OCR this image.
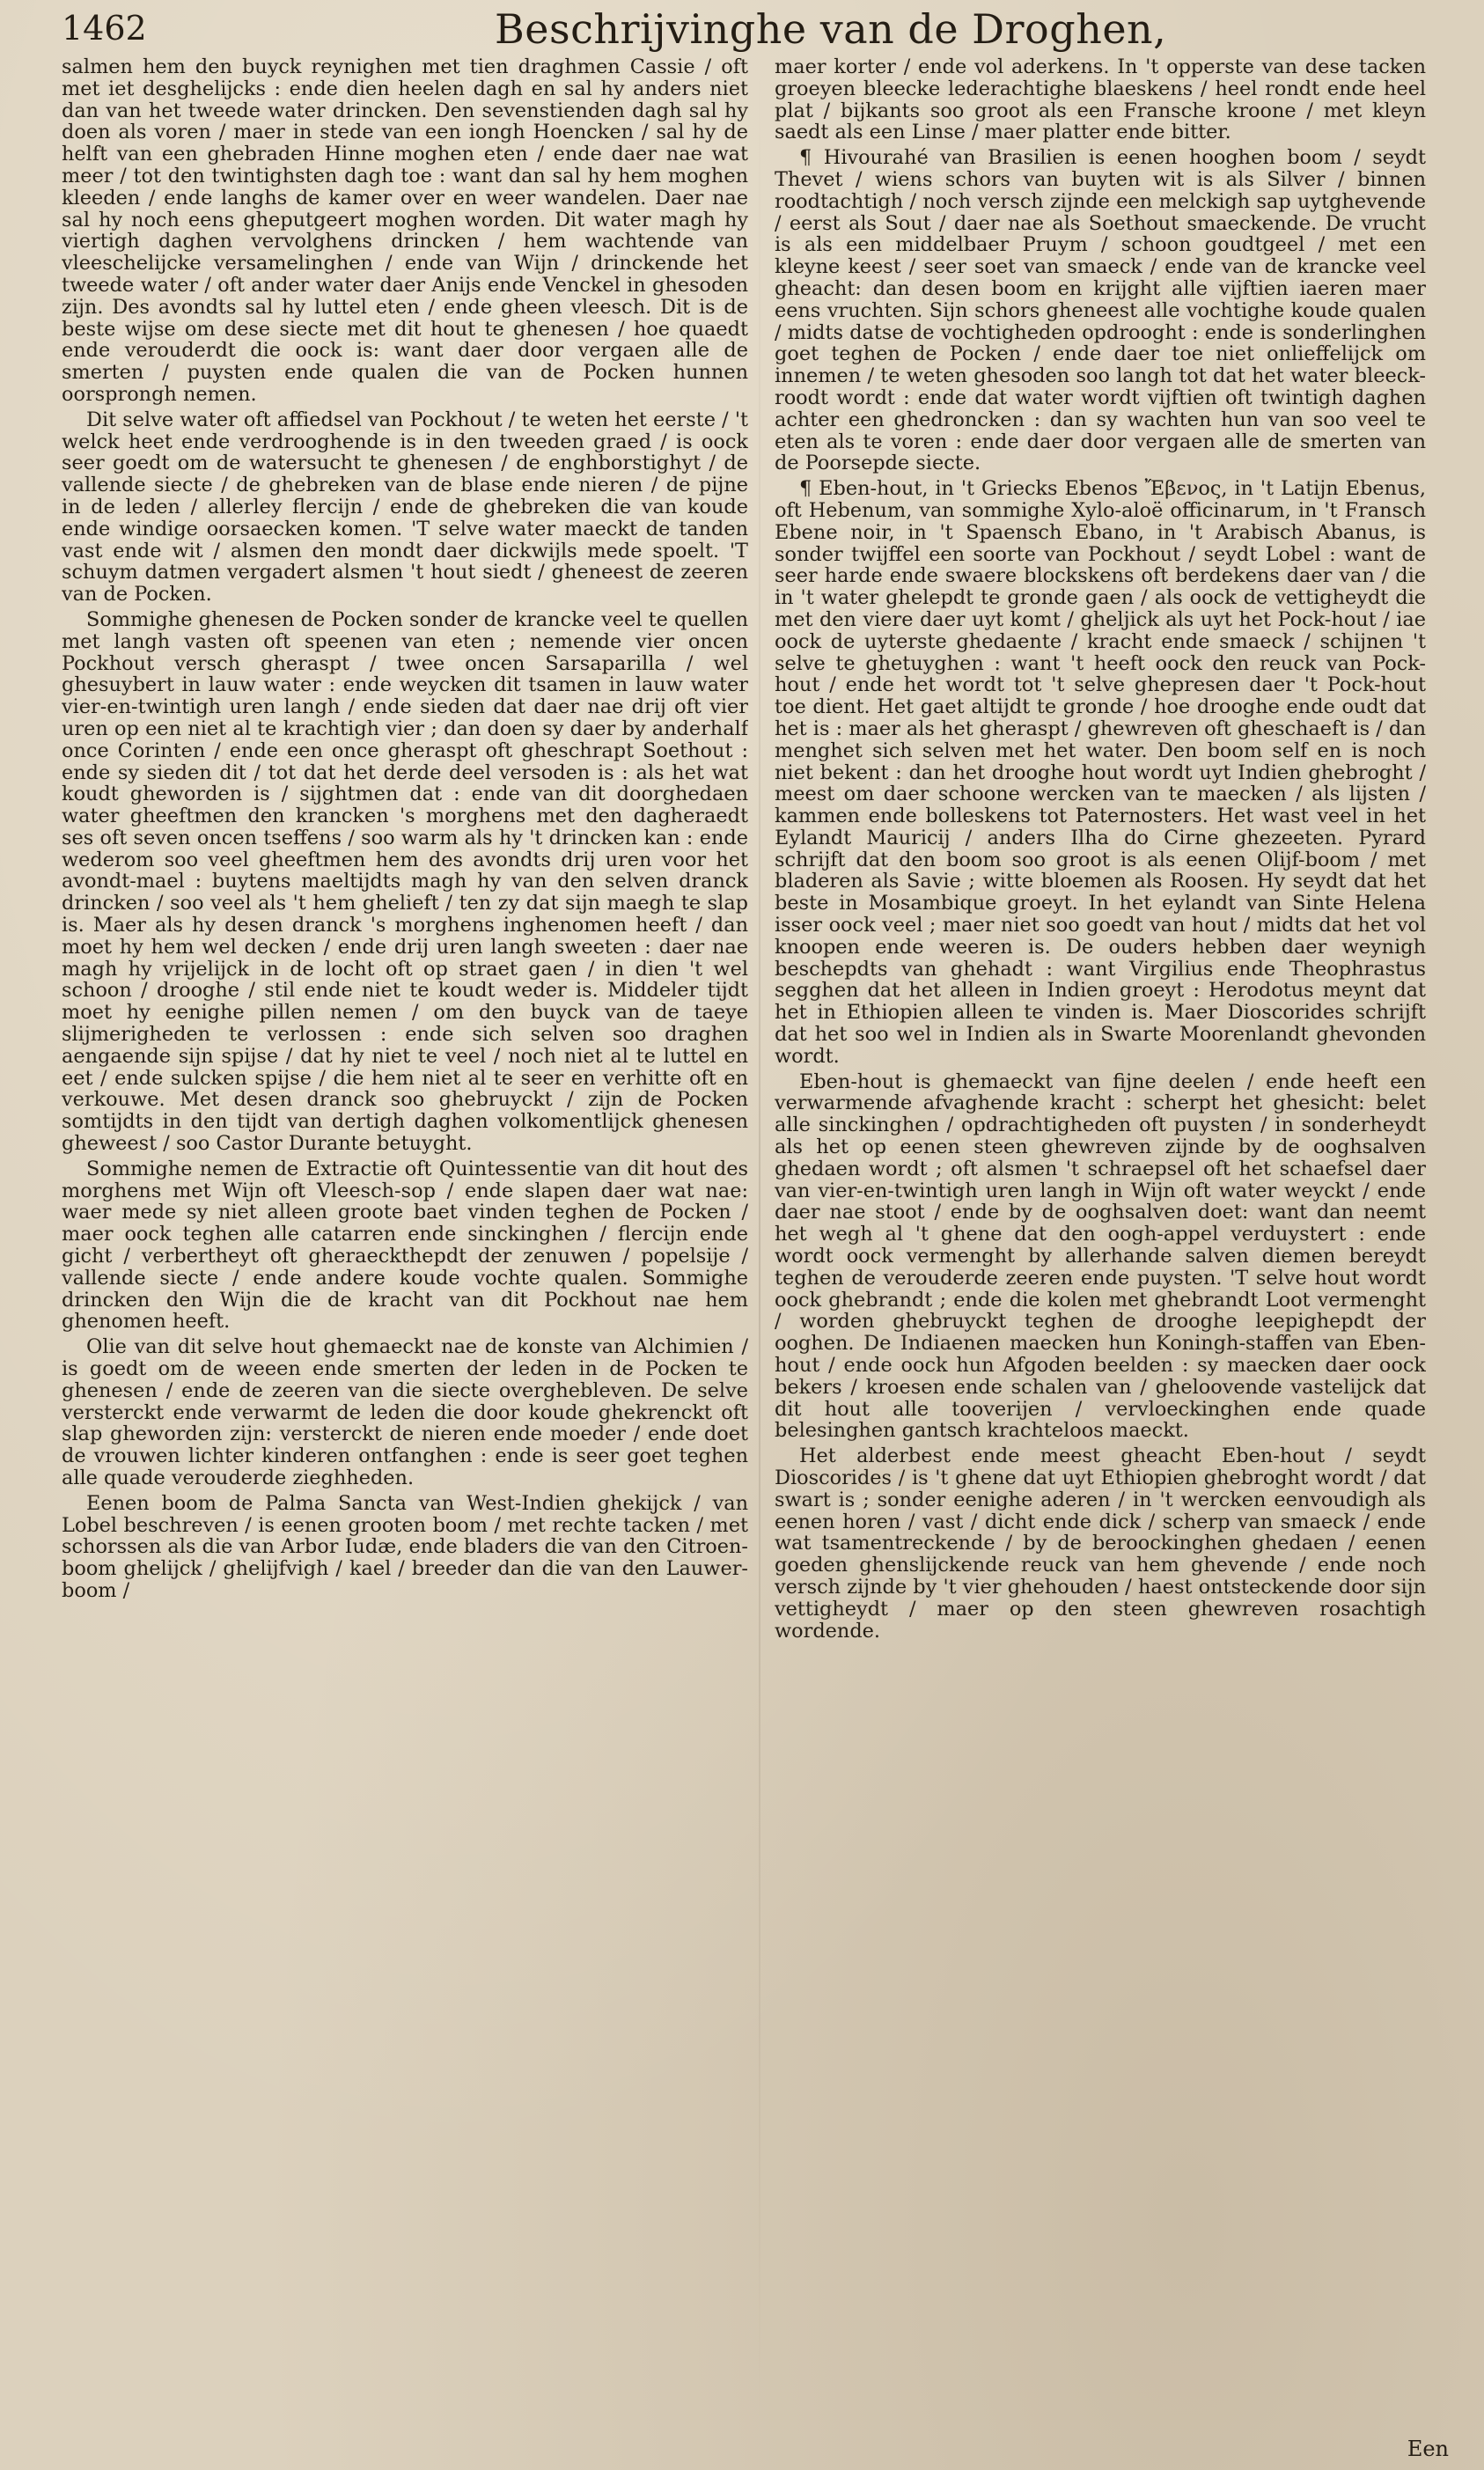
1462	Beschrijvinghe van de Droghen,

salmen hem den buyck reynighen met tien draghmen Cassie / oft met iet desghelijcks : ende dien heelen dagh en sal hy anders niet dan van het tweede water drincken. Den sevenstienden dagh sal hy doen als voren / maer in stede van een iongh Hoencken / sal hy de helft van een ghebraden Hinne moghen eten / ende daer nae wat meer / tot den twintighsten dagh toe : want dan sal hy hem moghen kleeden / ende langhs de kamer over en weer wandelen. Daer nae sal hy noch eens gheputgeert moghen worden. Dit water magh hy viertigh daghen vervolghens drincken / hem wachtende van vleeschelijcke versamelinghen / ende van Wijn / drinckende het tweede water / oft ander water daer Anijs ende Venckel in ghesoden zijn. Des avondts sal hy luttel eten / ende gheen vleesch. Dit is de beste wijse om dese siecte met dit hout te ghenesen / hoe quaedt ende verouderdt die oock is: want daer door vergaen alle de smerten / puysten ende qualen die van de Pocken hunnen oorsprongh nemen.

Dit selve water oft affiedsel van Pockhout / te weten het eerste / 't welck heet ende verdrooghende is in den tweeden graed / is oock seer goedt om de watersucht te ghenesen / de enghborstighyt / de vallende siecte / de ghebreken van de blase ende nieren / de pijne in de leden / allerley flercijn / ende de ghebreken die van koude ende windige oorsaecken komen. 'T selve water maeckt de tanden vast ende wit / alsmen den mondt daer dickwijls mede spoelt. 'T schuym datmen vergadert alsmen 't hout siedt / gheneest de zeeren van de Pocken.

Sommighe ghenesen de Pocken sonder de krancke veel te quellen met langh vasten oft speenen van eten ; nemende vier oncen Pockhout versch gheraspt / twee oncen Sarsaparilla / wel ghesuybert in lauw water : ende weycken dit tsamen in lauw water vier-en-twintigh uren langh / ende sieden dat daer nae drij oft vier uren op een niet al te krachtigh vier ; dan doen sy daer by anderhalf once Corinten / ende een once gheraspt oft gheschrapt Soethout : ende sy sieden dit / tot dat het derde deel versoden is : als het wat koudt gheworden is / sijghtmen dat : ende van dit doorghedaen water gheeftmen den krancken 's morghens met den dagheraedt ses oft seven oncen tseffens / soo warm als hy 't drincken kan : ende wederom soo veel gheeftmen hem des avondts drij uren voor het avondt-mael : buytens maeltijdts magh hy van den selven dranck drincken / soo veel als 't hem ghelieft / ten zy dat sijn maegh te slap is. Maer als hy desen dranck 's morghens inghenomen heeft / dan moet hy hem wel decken / ende drij uren langh sweeten : daer nae magh hy vrijelijck in de locht oft op straet gaen / in dien 't wel schoon / drooghe / stil ende niet te koudt weder is. Middeler tijdt moet hy eenighe pillen nemen / om den buyck van de taeye slijmerigheden te verlossen : ende sich selven soo draghen aengaende sijn spijse / dat hy niet te veel / noch niet al te luttel en eet / ende sulcken spijse / die hem niet al te seer en verhitte oft en verkouwe. Met desen dranck soo ghebruyckt / zijn de Pocken somtijdts in den tijdt van dertigh daghen volkomentlijck ghenesen gheweest / soo Castor Durante betuyght.

Sommighe nemen de Extractie oft Quintessentie van dit hout des morghens met Wijn oft Vleesch-sop / ende slapen daer wat nae: waer mede sy niet alleen groote baet vinden teghen de Pocken / maer oock teghen alle catarren ende sinckinghen / flercijn ende gicht / verbertheyt oft gheraeckthepdt der zenuwen / popelsije / vallende siecte / ende andere koude vochte qualen. Sommighe drincken den Wijn die de kracht van dit Pockhout nae hem ghenomen heeft.

Olie van dit selve hout ghemaeckt nae de konste van Alchimien / is goedt om de weeen ende smerten der leden in de Pocken te ghenesen / ende de zeeren van die siecte overghebleven. De selve versterckt ende verwarmt de leden die door koude ghekrenckt oft slap gheworden zijn: versterckt de nieren ende moeder / ende doet de vrouwen lichter kinderen ontfanghen : ende is seer goet teghen alle quade verouderde zieghheden.

Eenen boom de Palma Sancta van West-Indien ghekijck / van Lobel beschreven / is eenen grooten boom / met rechte tacken / met schorssen als die van Arbor Iudæ, ende bladers die van den Citroen-boom ghelijck / ghelijfvigh / kael / breeder dan die van den Lauwer-boom /

maer korter / ende vol aderkens. In 't opperste van dese tacken groeyen bleecke lederachtighe blaeskens / heel rondt ende heel plat / bijkants soo groot als een Fransche kroone / met kleyn saedt als een Linse / maer platter ende bitter.

¶ Hivourahé van Brasilien is eenen hooghen boom / seydt Thevet / wiens schors van buyten wit is als Silver / binnen roodtachtigh / noch versch zijnde een melckigh sap uytghevende / eerst als Sout / daer nae als Soethout smaeckende. De vrucht is als een middelbaer Pruym / schoon goudtgeel / met een kleyne keest / seer soet van smaeck / ende van de krancke veel gheacht: dan desen boom en krijght alle vijftien iaeren maer eens vruchten. Sijn schors gheneest alle vochtighe koude qualen / midts datse de vochtigheden opdrooght : ende is sonderlinghen goet teghen de Pocken / ende daer toe niet onlieffelijck om innemen / te weten ghesoden soo langh tot dat het water bleeck-roodt wordt : ende dat water wordt vijftien oft twintigh daghen achter een ghedroncken : dan sy wachten hun van soo veel te eten als te voren : ende daer door vergaen alle de smerten van de Poorsepde siecte.

¶ Eben-hout, in 't Griecks Ebenos Ἔβενος, in 't Latijn Ebenus, oft Hebenum, van sommighe Xylo-aloë officinarum, in 't Fransch Ebene noir, in 't Spaensch Ebano, in 't Arabisch Abanus, is sonder twijffel een soorte van Pockhout / seydt Lobel : want de seer harde ende swaere blockskens oft berdekens daer van / die in 't water ghelepdt te gronde gaen / als oock de vettigheydt die met den viere daer uyt komt / gheljick als uyt het Pock-hout / iae oock de uyterste ghedaente / kracht ende smaeck / schijnen 't selve te ghetuyghen : want 't heeft oock den reuck van Pock-hout / ende het wordt tot 't selve ghepresen daer 't Pock-hout toe dient. Het gaet altijdt te gronde / hoe drooghe ende oudt dat het is : maer als het gheraspt / ghewreven oft gheschaeft is / dan menghet sich selven met het water. Den boom self en is noch niet bekent : dan het drooghe hout wordt uyt Indien ghebroght / meest om daer schoone wercken van te maecken / als lijsten / kammen ende bolleskens tot Paternosters. Het wast veel in het Eylandt Mauricij / anders Ilha do Cirne ghezeeten. Pyrard schrijft dat den boom soo groot is als eenen Olijf-boom / met bladeren als Savie ; witte bloemen als Roosen. Hy seydt dat het beste in Mosambique groeyt. In het eylandt van Sinte Helena isser oock veel ; maer niet soo goedt van hout / midts dat het vol knoopen ende weeren is. De ouders hebben daer weynigh beschepdts van ghehadt : want Virgilius ende Theophrastus segghen dat het alleen in Indien groeyt : Herodotus meynt dat het in Ethiopien alleen te vinden is. Maer Dioscorides schrijft dat het soo wel in Indien als in Swarte Moorenlandt ghevonden wordt.

Eben-hout is ghemaeckt van fijne deelen / ende heeft een verwarmende afvaghende kracht : scherpt het ghesicht: belet alle sinckinghen / opdrachtigheden oft puysten / in sonderheydt als het op eenen steen ghewreven zijnde by de ooghsalven ghedaen wordt ; oft alsmen 't schraepsel oft het schaefsel daer van vier-en-twintigh uren langh in Wijn oft water weyckt / ende daer nae stoot / ende by de ooghsalven doet: want dan neemt het wegh al 't ghene dat den oogh-appel verduystert : ende wordt oock vermenght by allerhande salven diemen bereydt teghen de verouderde zeeren ende puysten. 'T selve hout wordt oock ghebrandt ; ende die kolen met ghebrandt Loot vermenght / worden ghebruyckt teghen de drooghe leepighepdt der ooghen. De Indiaenen maecken hun Koningh-staffen van Eben-hout / ende oock hun Afgoden beelden : sy maecken daer oock bekers / kroesen ende schalen van / gheloovende vastelijck dat dit hout alle tooverijen / vervloeckinghen ende quade belesinghen gantsch krachteloos maeckt.

Het alderbest ende meest gheacht Eben-hout / seydt Dioscorides / is 't ghene dat uyt Ethiopien ghebroght wordt / dat swart is ; sonder eenighe aderen / in 't wercken eenvoudigh als eenen horen / vast / dicht ende dick / scherp van smaeck / ende wat tsamentreckende / by de beroockinghen ghedaen / eenen goeden ghenslijckende reuck van hem ghevende / ende noch versch zijnde by 't vier ghehouden / haest ontsteckende door sijn vettigheydt / maer op den steen ghewreven rosachtigh wordende.

Een
